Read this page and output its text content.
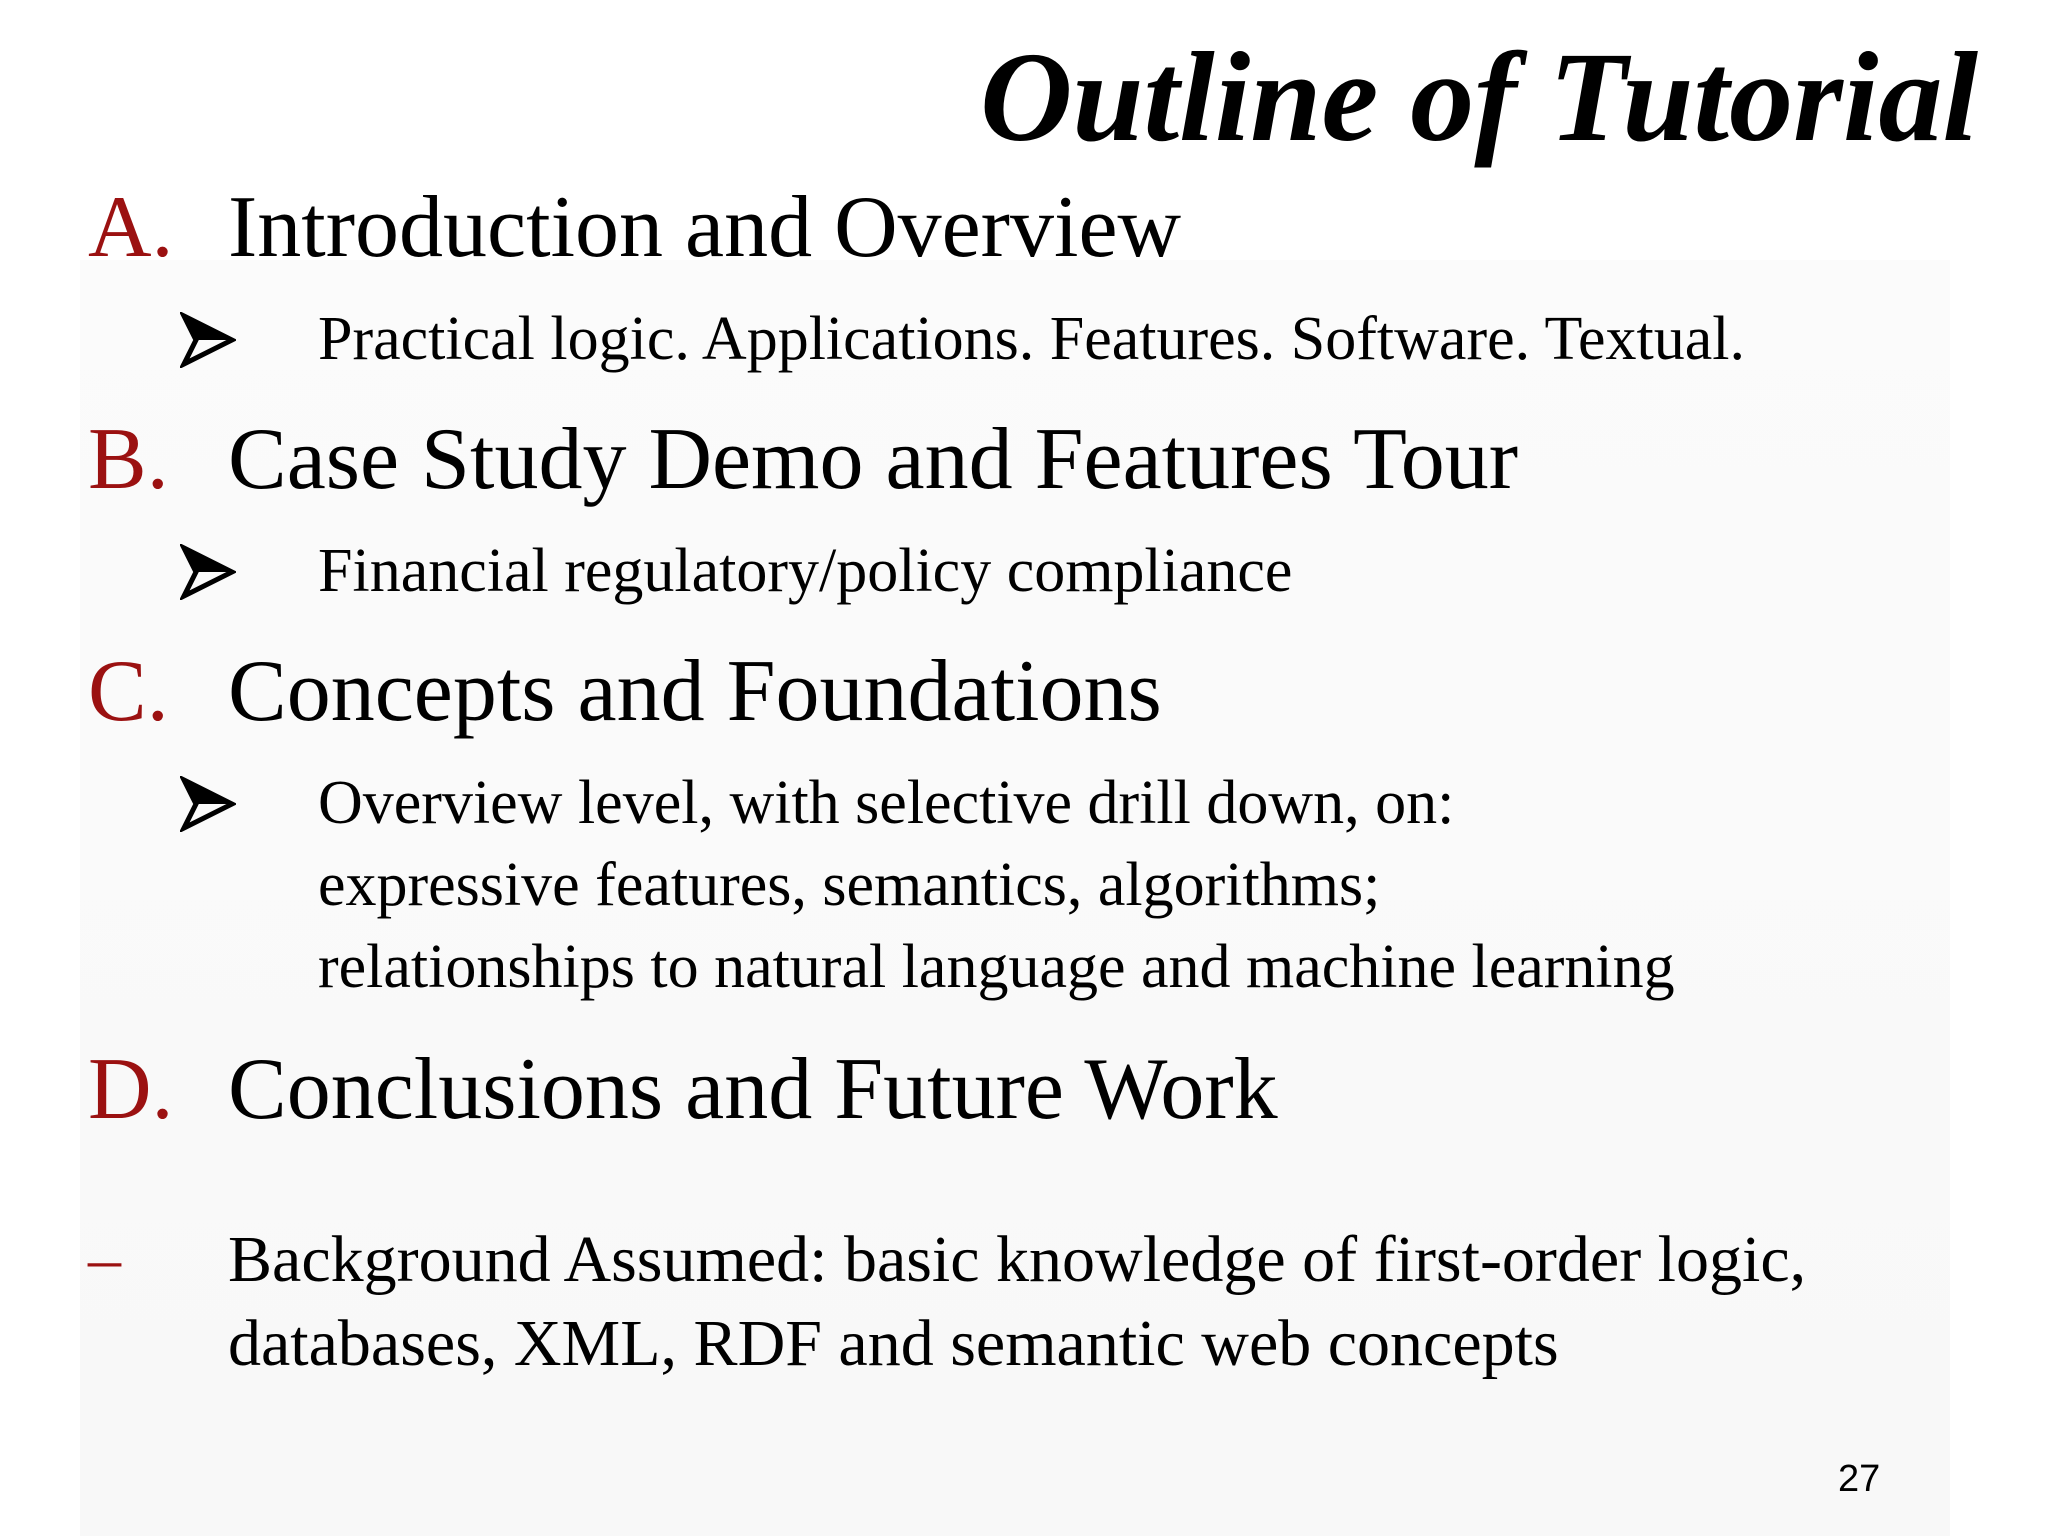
Outline of Tutorial
A. Introduction and Overview
Practical logic. Applications. Features. Software. Textual.
B. Case Study Demo and Features Tour
Financial regulatory/policy compliance
C. Concepts and Foundations
Overview level, with selective drill down, on:
expressive features, semantics, algorithms;
relationships to natural language and machine learning
D. Conclusions and Future Work
– Background Assumed: basic knowledge of first-order logic,
databases, XML, RDF and semantic web concepts
27
